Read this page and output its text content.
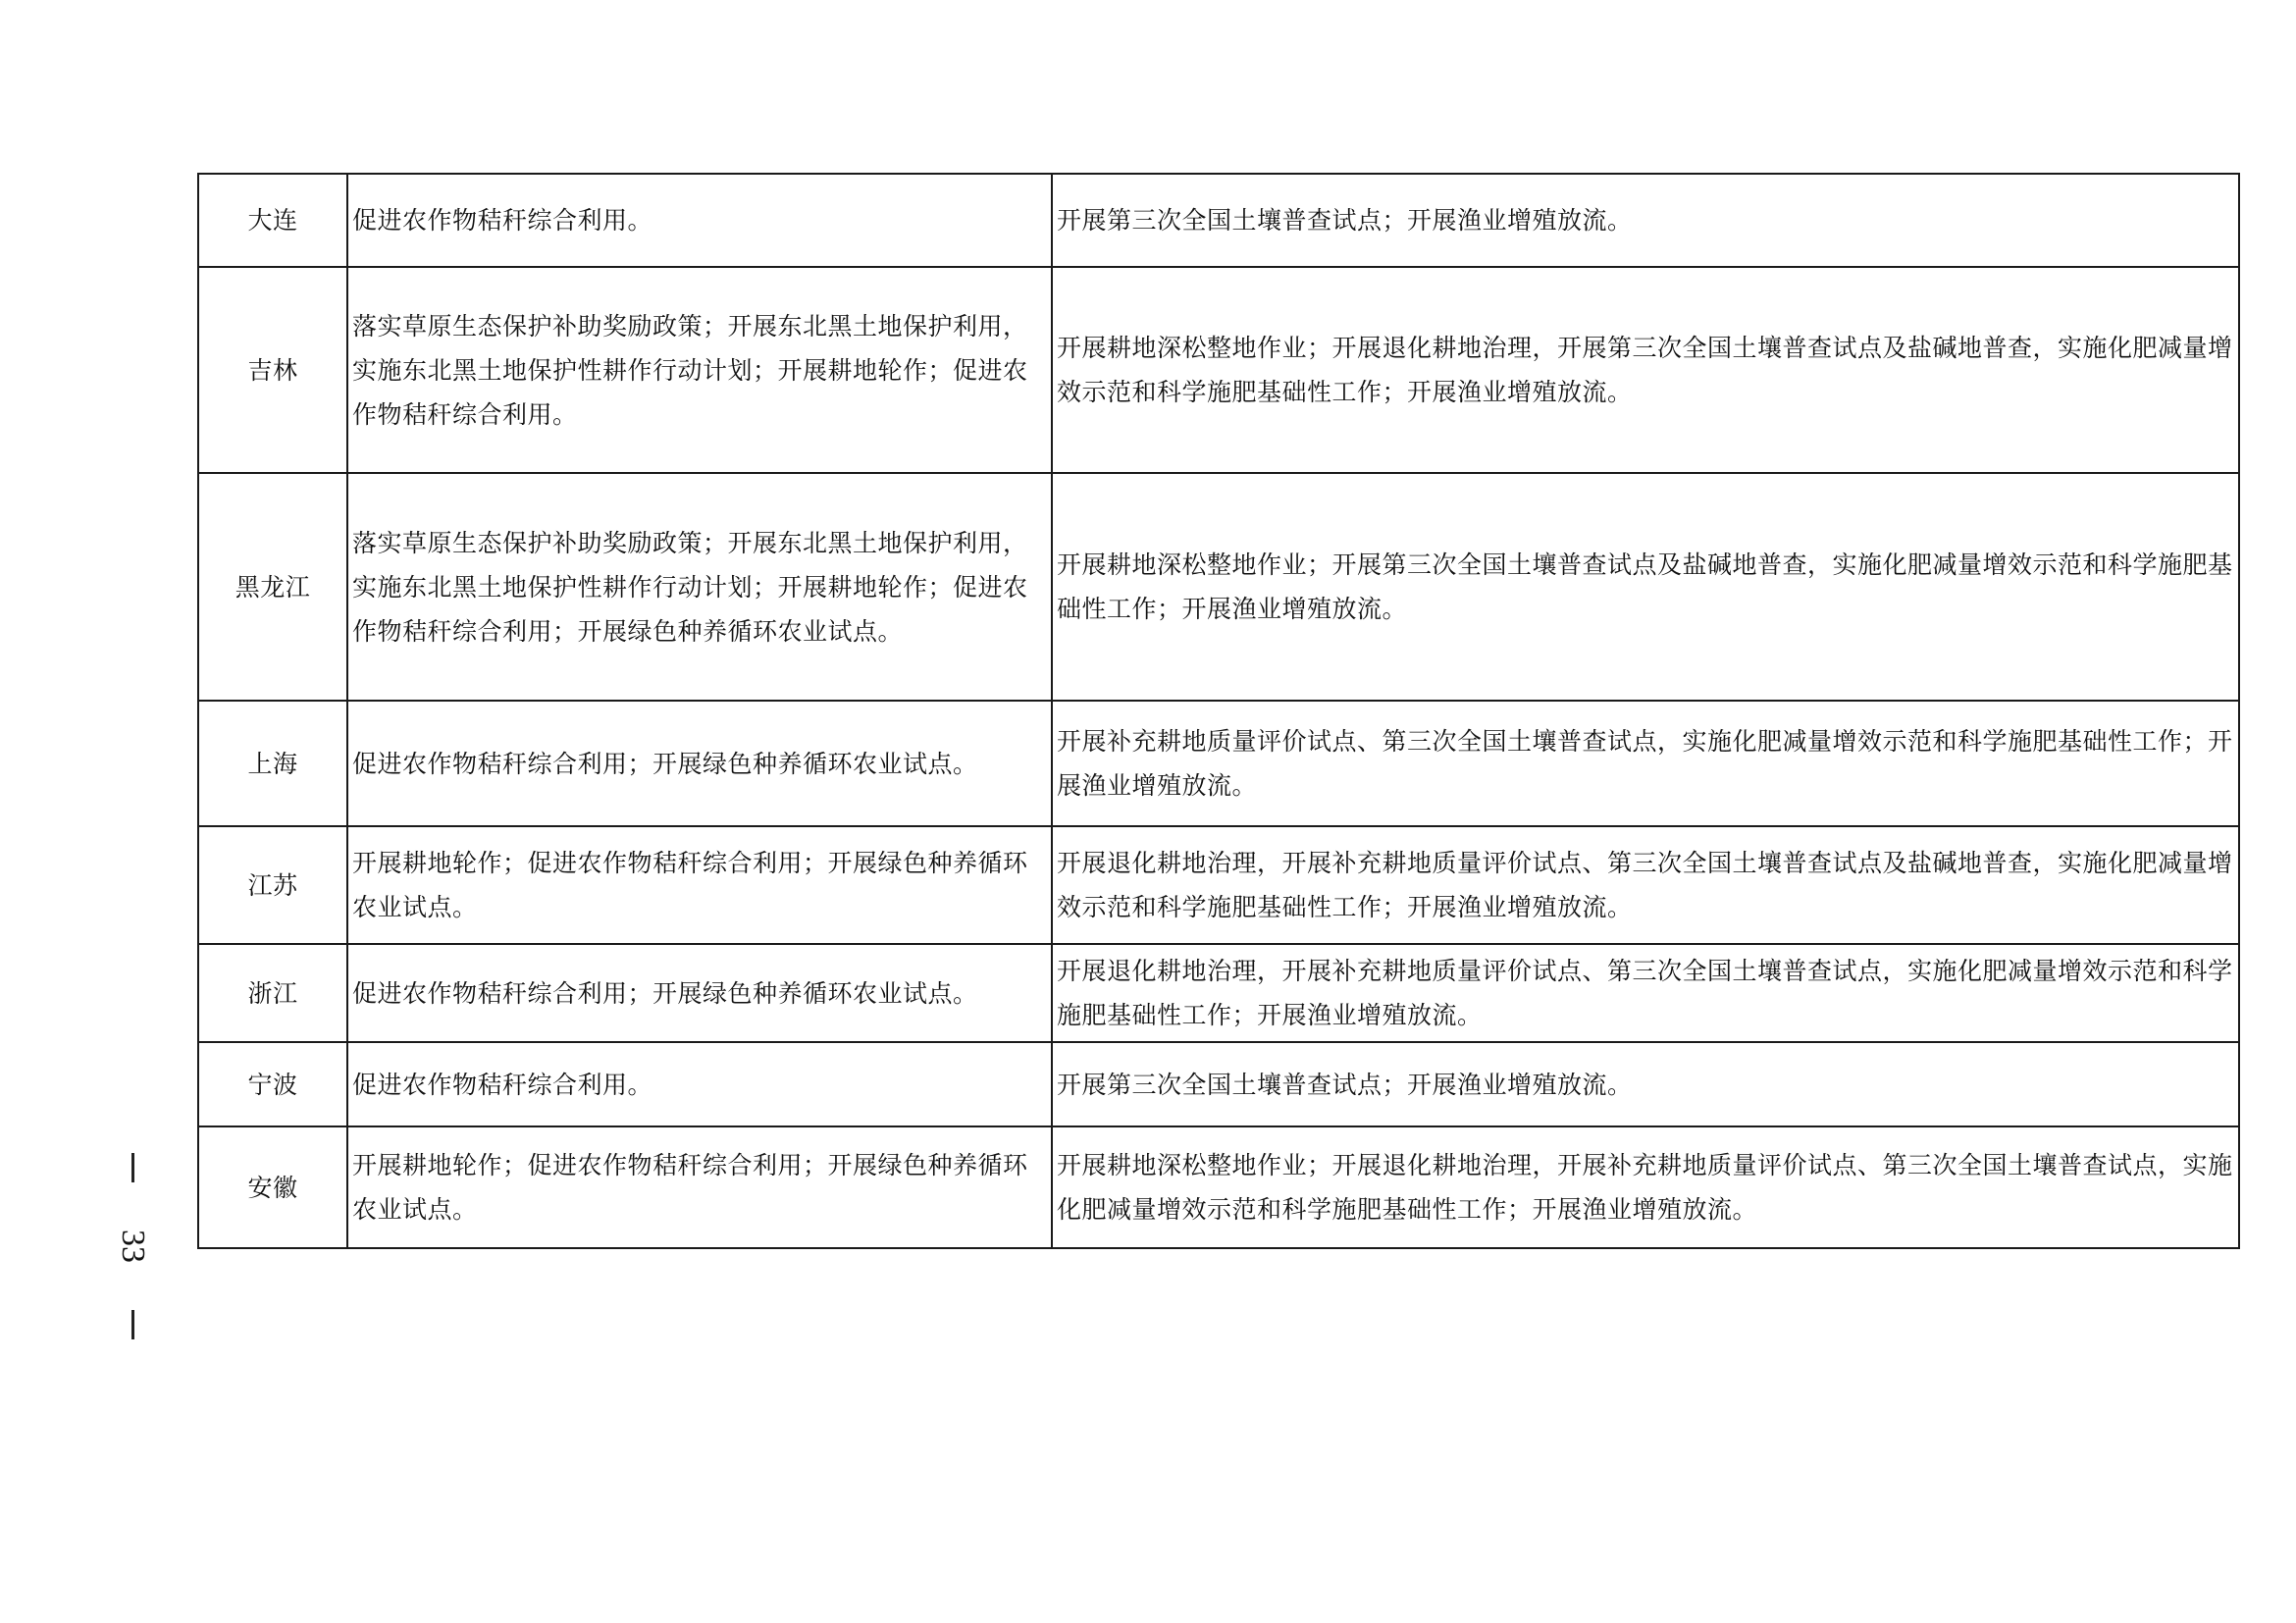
大连	促进农作物秸秆综合利用。	开展第三次全国土壤普查试点；开展渔业增殖放流。
吉林	落实草原生态保护补助奖励政策；开展东北黑土地保护利用，实施东北黑土地保护性耕作行动计划；开展耕地轮作；促进农作物秸秆综合利用。	开展耕地深松整地作业；开展退化耕地治理，开展第三次全国土壤普查试点及盐碱地普查，实施化肥减量增效示范和科学施肥基础性工作；开展渔业增殖放流。
黑龙江	落实草原生态保护补助奖励政策；开展东北黑土地保护利用，实施东北黑土地保护性耕作行动计划；开展耕地轮作；促进农作物秸秆综合利用；开展绿色种养循环农业试点。	开展耕地深松整地作业；开展第三次全国土壤普查试点及盐碱地普查，实施化肥减量增效示范和科学施肥基础性工作；开展渔业增殖放流。
上海	促进农作物秸秆综合利用；开展绿色种养循环农业试点。	开展补充耕地质量评价试点、第三次全国土壤普查试点，实施化肥减量增效示范和科学施肥基础性工作；开展渔业增殖放流。
江苏	开展耕地轮作；促进农作物秸秆综合利用；开展绿色种养循环农业试点。	开展退化耕地治理，开展补充耕地质量评价试点、第三次全国土壤普查试点及盐碱地普查，实施化肥减量增效示范和科学施肥基础性工作；开展渔业增殖放流。
浙江	促进农作物秸秆综合利用；开展绿色种养循环农业试点。	开展退化耕地治理，开展补充耕地质量评价试点、第三次全国土壤普查试点，实施化肥减量增效示范和科学施肥基础性工作；开展渔业增殖放流。
宁波	促进农作物秸秆综合利用。	开展第三次全国土壤普查试点；开展渔业增殖放流。
安徽	开展耕地轮作；促进农作物秸秆综合利用；开展绿色种养循环农业试点。	开展耕地深松整地作业；开展退化耕地治理，开展补充耕地质量评价试点、第三次全国土壤普查试点，实施化肥减量增效示范和科学施肥基础性工作；开展渔业增殖放流。
33
